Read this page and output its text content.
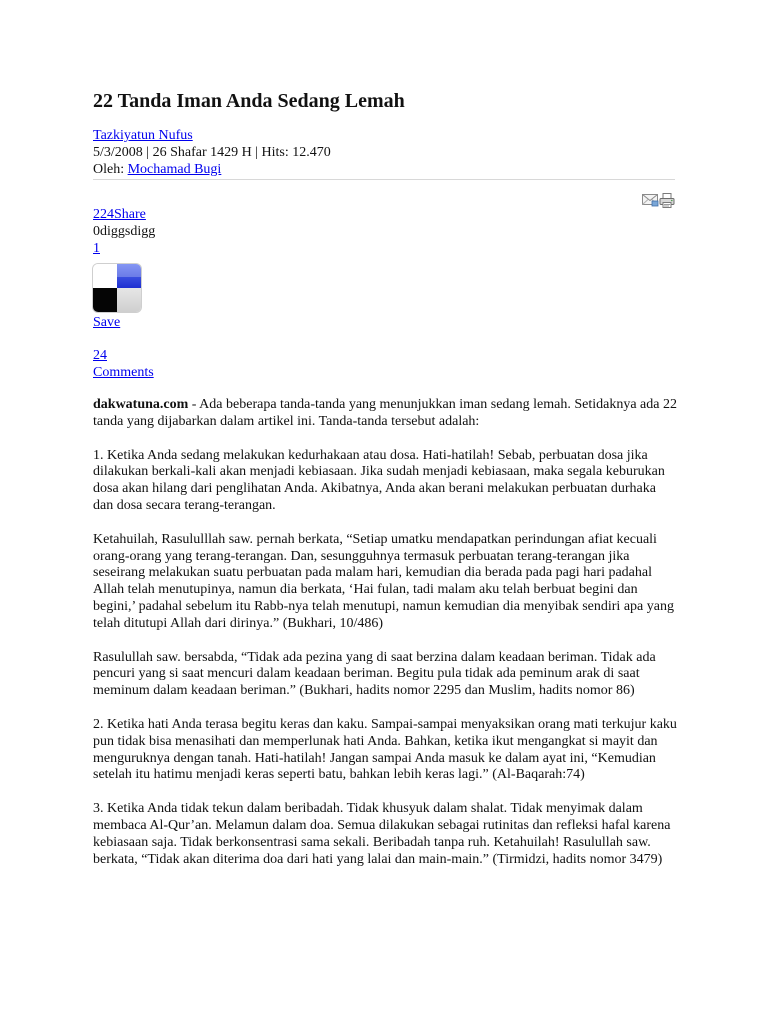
22 Tanda Iman Anda Sedang Lemah
Tazkiyatun Nufus
5/3/2008 | 26 Shafar 1429 H | Hits: 12.470
Oleh: Mochamad Bugi
224Share
0diggsdigg
1
Save
24
Comments

dakwatuna.com - Ada beberapa tanda-tanda yang menunjukkan iman sedang lemah. Setidaknya ada 22 tanda yang dijabarkan dalam artikel ini. Tanda-tanda tersebut adalah:

1. Ketika Anda sedang melakukan kedurhakaan atau dosa. Hati-hatilah! Sebab, perbuatan dosa jika dilakukan berkali-kali akan menjadi kebiasaan. Jika sudah menjadi kebiasaan, maka segala keburukan dosa akan hilang dari penglihatan Anda. Akibatnya, Anda akan berani melakukan perbuatan durhaka dan dosa secara terang-terangan.

Ketahuilah, Rasululllah saw. pernah berkata, “Setiap umatku mendapatkan perindungan afiat kecuali orang-orang yang terang-terangan. Dan, sesungguhnya termasuk perbuatan terang-terangan jika seseirang melakukan suatu perbuatan pada malam hari, kemudian dia berada pada pagi hari padahal Allah telah menutupinya, namun dia berkata, ‘Hai fulan, tadi malam aku telah berbuat begini dan begini,’ padahal sebelum itu Rabb-nya telah menutupi, namun kemudian dia menyibak sendiri apa yang telah ditutupi Allah dari dirinya.” (Bukhari, 10/486)

Rasulullah saw. bersabda, “Tidak ada pezina yang di saat berzina dalam keadaan beriman. Tidak ada pencuri yang si saat mencuri dalam keadaan beriman. Begitu pula tidak ada peminum arak di saat meminum dalam keadaan beriman.” (Bukhari, hadits nomor 2295 dan Muslim, hadits nomor 86)

2. Ketika hati Anda terasa begitu keras dan kaku. Sampai-sampai menyaksikan orang mati terkujur kaku pun tidak bisa menasihati dan memperlunak hati Anda. Bahkan, ketika ikut mengangkat si mayit dan menguruknya dengan tanah. Hati-hatilah! Jangan sampai Anda masuk ke dalam ayat ini, “Kemudian setelah itu hatimu menjadi keras seperti batu, bahkan lebih keras lagi.” (Al-Baqarah:74)

3. Ketika Anda tidak tekun dalam beribadah. Tidak khusyuk dalam shalat. Tidak menyimak dalam membaca Al-Qur’an. Melamun dalam doa. Semua dilakukan sebagai rutinitas dan refleksi hafal karena kebiasaan saja. Tidak berkonsentrasi sama sekali. Beribadah tanpa ruh. Ketahuilah! Rasulullah saw. berkata, “Tidak akan diterima doa dari hati yang lalai dan main-main.” (Tirmidzi, hadits nomor 3479)
